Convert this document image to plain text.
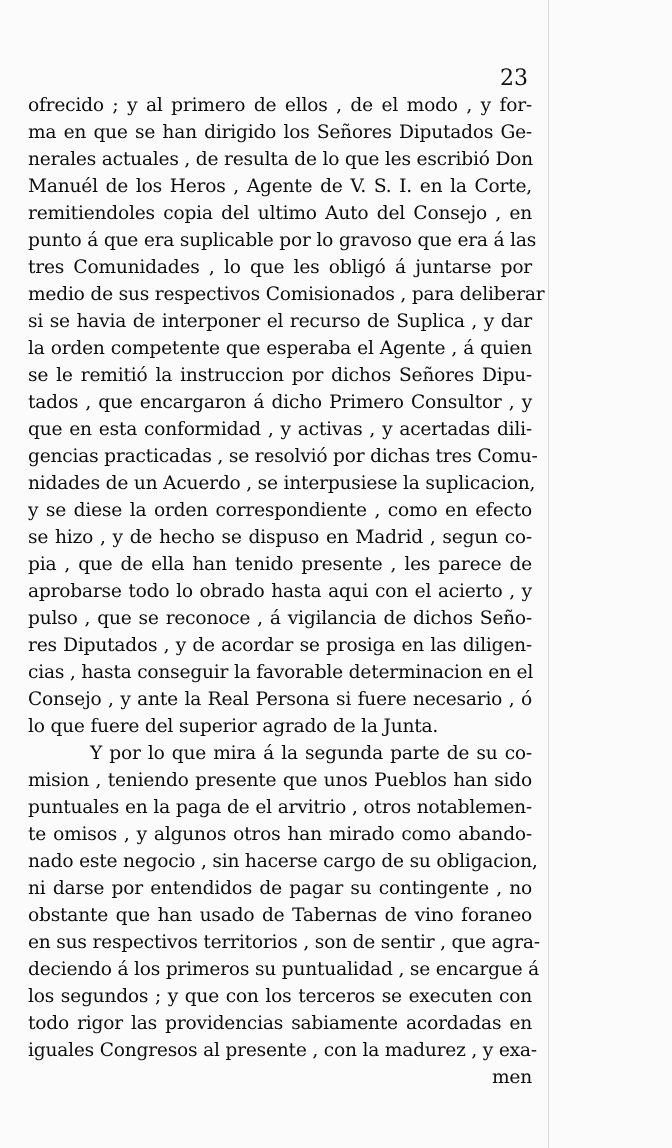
23
ofrecido ; y al primero de ellos , de el modo , y for-
ma en que se han dirigido los Señores Diputados Ge-
nerales actuales , de resulta de lo que les escribió Don
Manuél de los Heros , Agente de V. S. I. en la Corte,
remitiendoles copia del ultimo Auto del Consejo , en
punto á que era suplicable por lo gravoso que era á las
tres Comunidades , lo que les obligó á juntarse por
medio de sus respectivos Comisionados , para deliberar
si se havia de interponer el recurso de Suplica , y dar
la orden competente que esperaba el Agente , á quien
se le remitió la instruccion por dichos Señores Dipu-
tados , que encargaron á dicho Primero Consultor , y
que en esta conformidad , y activas , y acertadas dili-
gencias practicadas , se resolvió por dichas tres Comu-
nidades de un Acuerdo , se interpusiese la suplicacion,
y se diese la orden correspondiente , como en efecto
se hizo , y de hecho se dispuso en Madrid , segun co-
pia , que de ella han tenido presente , les parece de
aprobarse todo lo obrado hasta aqui con el acierto , y
pulso , que se reconoce , á vigilancia de dichos Seño-
res Diputados , y de acordar se prosiga en las diligen-
cias , hasta conseguir la favorable determinacion en el
Consejo , y ante la Real Persona si fuere necesario , ó
lo que fuere del superior agrado de la Junta.
Y por lo que mira á la segunda parte de su co-
mision , teniendo presente que unos Pueblos han sido
puntuales en la paga de el arvitrio , otros notablemen-
te omisos , y algunos otros han mirado como abando-
nado este negocio , sin hacerse cargo de su obligacion,
ni darse por entendidos de pagar su contingente , no
obstante que han usado de Tabernas de vino foraneo
en sus respectivos territorios , son de sentir , que agra-
deciendo á los primeros su puntualidad , se encargue á
los segundos ; y que con los terceros se executen con
todo rigor las providencias sabiamente acordadas en
iguales Congresos al presente , con la madurez , y exa-
men
